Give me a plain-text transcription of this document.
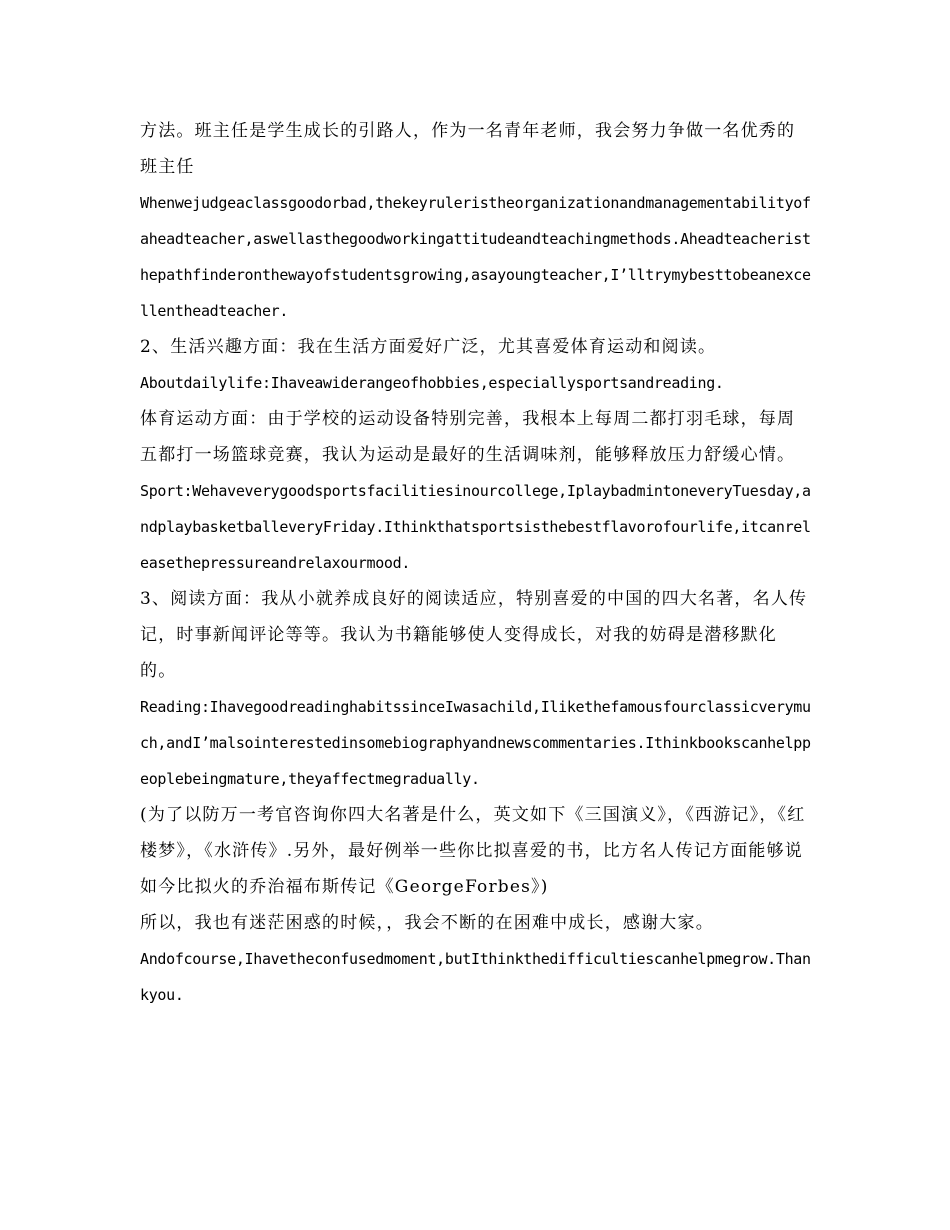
方法。班主任是学生成长的引路人，作为一名青年老师，我会努力争做一名优秀的班主任

Whenwejudgeaclassgoodorbad,thekeyruleristheorganizationandmanagementabilityofaheadteacher,aswellasthegoodworkingattitudeandteachingmethods.Aheadteacheristhepathfinderonthewayofstudentsgrowing,asayoungteacher,I’lltrymybesttobeanexcellentheadteacher.

2、生活兴趣方面：我在生活方面爱好广泛，尤其喜爱体育运动和阅读。

Aboutdailylife:Ihaveawiderangeofhobbies,especiallysportsandreading.

体育运动方面：由于学校的运动设备特别完善，我根本上每周二都打羽毛球，每周五都打一场篮球竞赛，我认为运动是最好的生活调味剂，能够释放压力舒缓心情。

Sport:Wehaveverygoodsportsfacilitiesinourcollege,IplaybadmintoneveryTuesday,andplaybasketballeveryFriday.Ithinkthatsportsisthebestflavorofourlife,itcanreleasethepressureandrelaxourmood.

3、阅读方面：我从小就养成良好的阅读适应，特别喜爱的中国的四大名著，名人传记，时事新闻评论等等。我认为书籍能够使人变得成长，对我的妨碍是潜移默化的。

Reading:IhavegoodreadinghabitssinceIwasachild,Ilikethefamousfourclassicverymuch,andI’malsointerestedinsomebiographyandnewscommentaries.Ithinkbookscanhelppeoplebeingmature,theyaffectmegradually.

(为了以防万一考官咨询你四大名著是什么，英文如下《三国演义》，《西游记》，《红楼梦》，《水浒传》.另外，最好例举一些你比拟喜爱的书，比方名人传记方面能够说如今比拟火的乔治福布斯传记《GeorgeForbes》)

所以，我也有迷茫困惑的时候，，我会不断的在困难中成长，感谢大家。

Andofcourse,Ihavetheconfusedmoment,butIthinkthedifficultiescanhelpmegrow.Thankyou.
